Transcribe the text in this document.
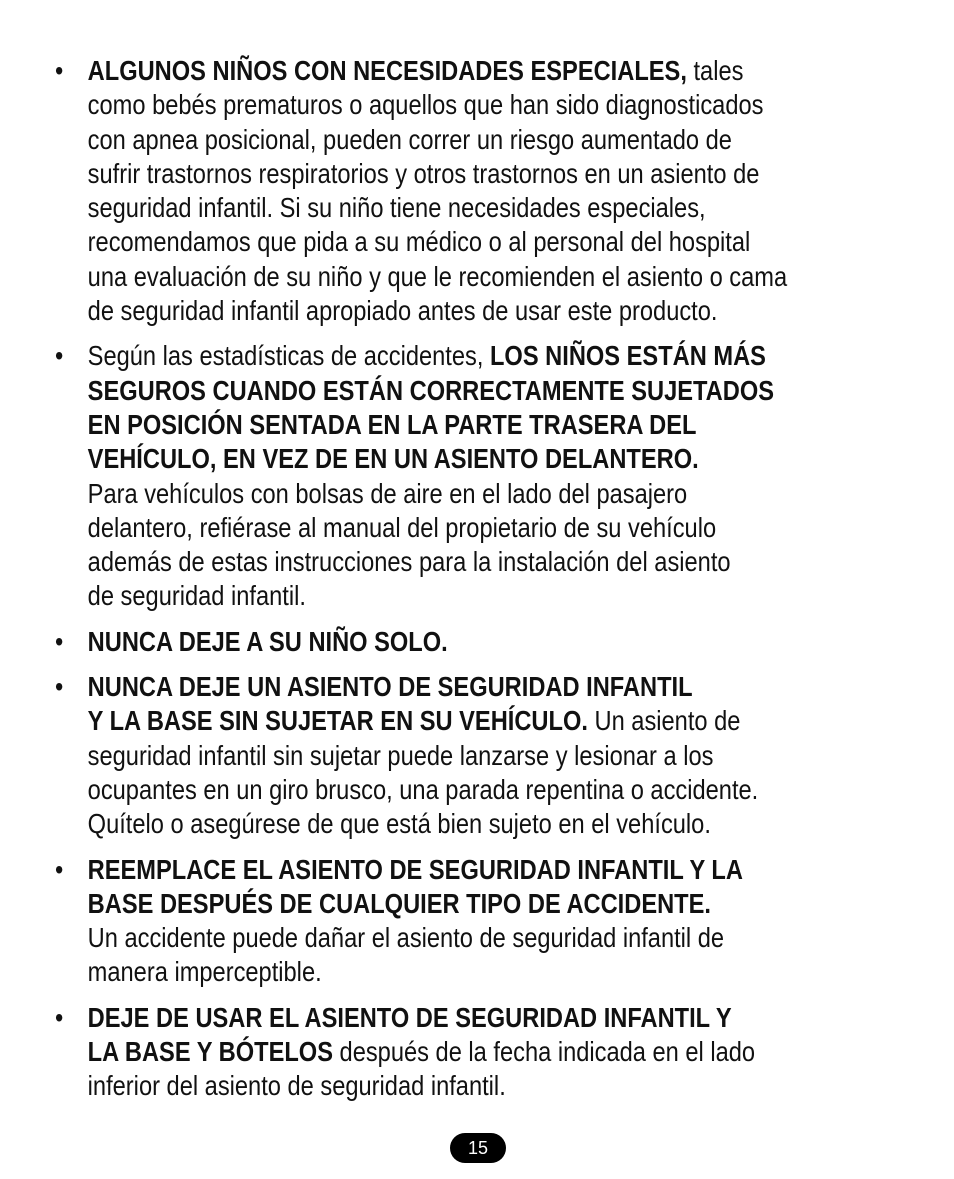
• ALGUNOS NIÑOS CON NECESIDADES ESPECIALES, tales
como bebés prematuros o aquellos que han sido diagnosticados
con apnea posicional, pueden correr un riesgo aumentado de
sufrir trastornos respiratorios y otros trastornos en un asiento de
seguridad infantil. Si su niño tiene necesidades especiales,
recomendamos que pida a su médico o al personal del hospital
una evaluación de su niño y que le recomienden el asiento o cama
de seguridad infantil apropiado antes de usar este producto.
• Según las estadísticas de accidentes, LOS NIÑOS ESTÁN MÁS
SEGUROS CUANDO ESTÁN CORRECTAMENTE SUJETADOS
EN POSICIÓN SENTADA EN LA PARTE TRASERA DEL
VEHÍCULO, EN VEZ DE EN UN ASIENTO DELANTERO.
Para vehículos con bolsas de aire en el lado del pasajero
delantero, refiérase al manual del propietario de su vehículo
además de estas instrucciones para la instalación del asiento
de seguridad infantil.
• NUNCA DEJE A SU NIÑO SOLO.
• NUNCA DEJE UN ASIENTO DE SEGURIDAD INFANTIL
Y LA BASE SIN SUJETAR EN SU VEHÍCULO. Un asiento de
seguridad infantil sin sujetar puede lanzarse y lesionar a los
ocupantes en un giro brusco, una parada repentina o accidente.
Quítelo o asegúrese de que está bien sujeto en el vehículo.
• REEMPLACE EL ASIENTO DE SEGURIDAD INFANTIL Y LA
BASE DESPUÉS DE CUALQUIER TIPO DE ACCIDENTE.
Un accidente puede dañar el asiento de seguridad infantil de
manera imperceptible.
• DEJE DE USAR EL ASIENTO DE SEGURIDAD INFANTIL Y
LA BASE Y BÓTELOS después de la fecha indicada en el lado
inferior del asiento de seguridad infantil.
15
